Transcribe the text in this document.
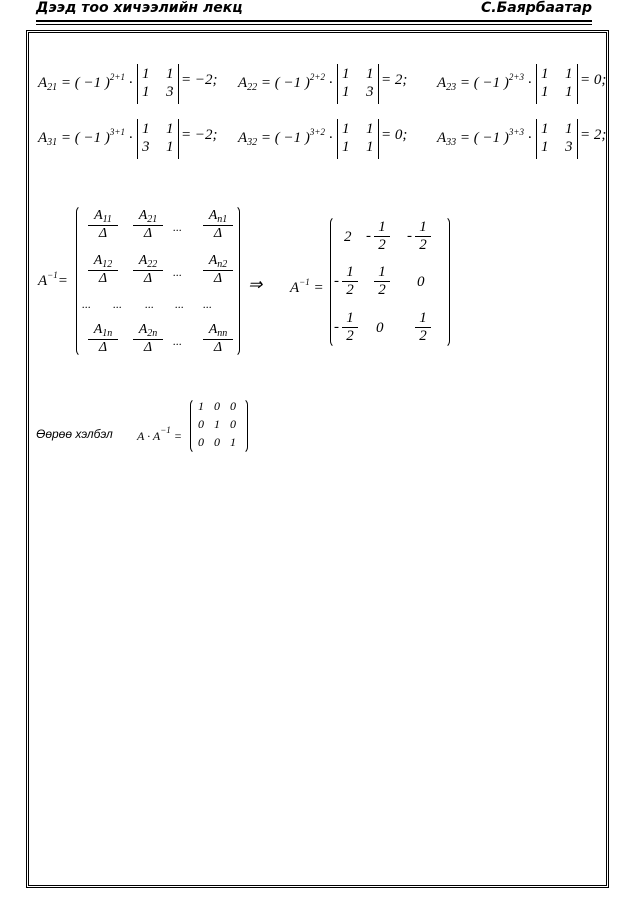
Дээд тоо хичээлийн лекц	С.Баярбаатар
$A_{21}$ = ( −1 )$^{2+1}$ ·
1 1
1 3
= −2; $A_{22}$ = ( −1 )$^{2+2}$ ·
1 1
1 3
= 2; $A_{23}$ = ( −1 )$^{2+3}$ ·
1 1
1 1
= 0;
$A_{31}$ = ( −1 )$^{3+1}$ ·
1 1
3 1
= −2; $A_{32}$ = ( −1 )$^{3+2}$ ·
1 1
1 1
= 0; $A_{33}$ = ( −1 )$^{3+3}$ ·
1 1
1 3
= 2;
$A^{-1}=$
$\frac{A_{11}}{\Delta} \frac{A_{21}}{\Delta}$ ... $\frac{A_{n1}}{\Delta}$
$\frac{A_{12}}{\Delta} \frac{A_{22}}{\Delta}$ ... $\frac{A_{n2}}{\Delta}$
... ... ... ... ...
$\frac{A_{1n}}{\Delta} \frac{A_{2n}}{\Delta}$ ...
$A_{nn}$
Δ
⇒ $A^{-1}$ =
$2 - \frac{1}{2} - \frac{1}{2}$
- $\frac{1}{2} \frac{1}{2} 0$
- $\frac{1}{2} 0 \frac{1}{2}$
Өөрөө хэлбэл $A \cdot A^{-1}$ =
1 0 0
0 1 0
0 0 1
